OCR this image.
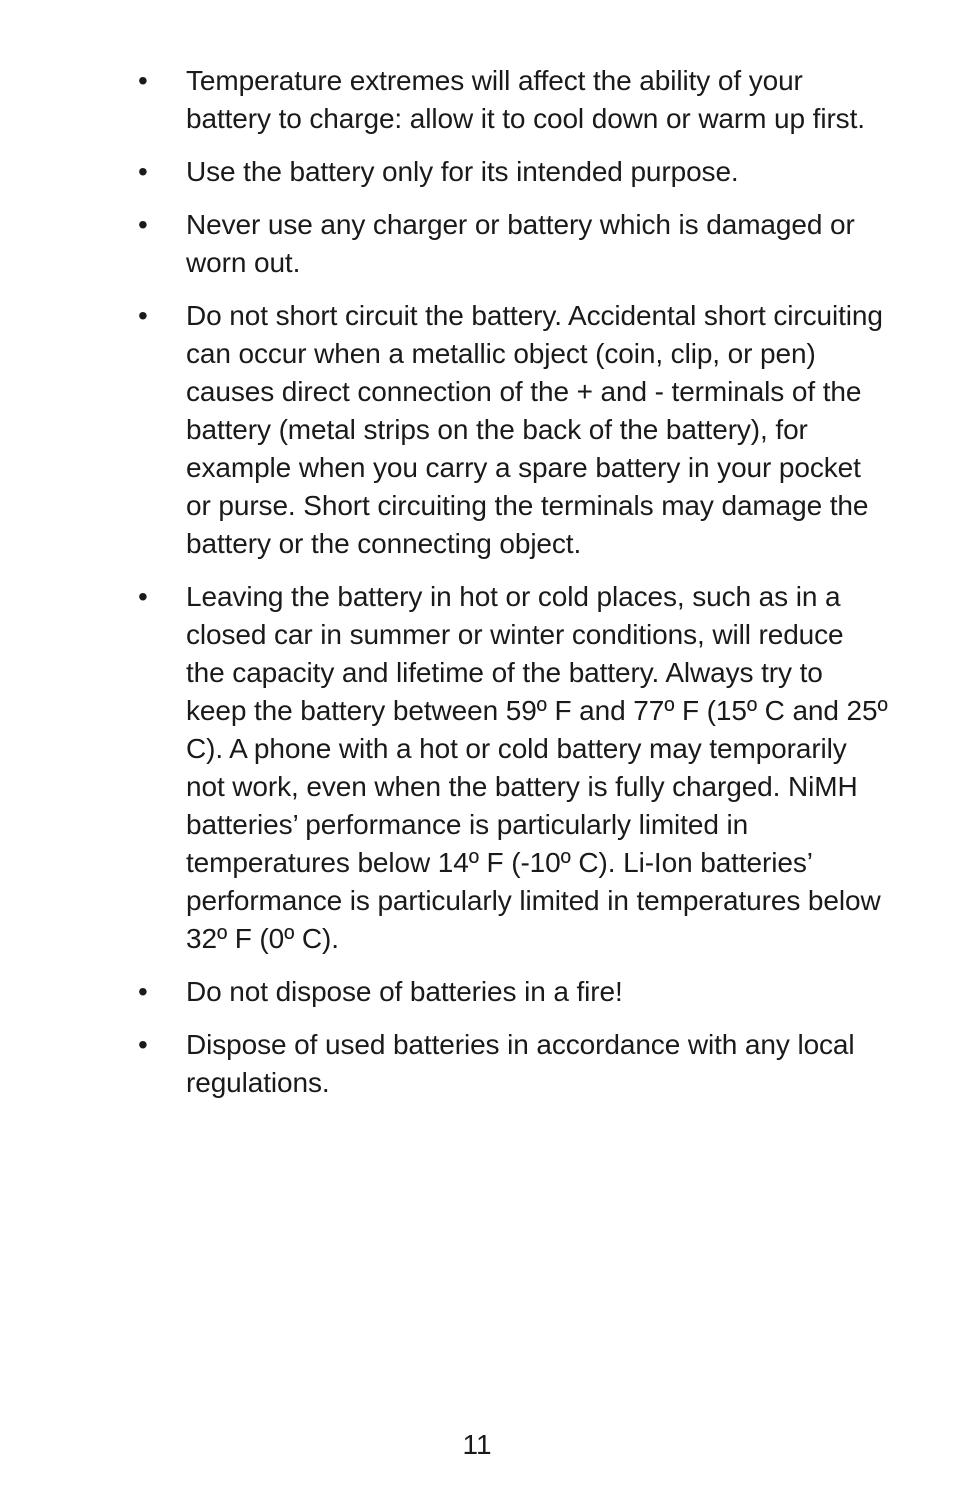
•	Temperature extremes will affect the ability of your battery to charge: allow it to cool down or warm up first.
•	Use the battery only for its intended purpose.
•	Never use any charger or battery which is damaged or worn out.
•	Do not short circuit the battery. Accidental short circuiting can occur when a metallic object (coin, clip, or pen) causes direct connection of the + and - terminals of the battery (metal strips on the back of the battery), for example when you carry a spare battery in your pocket or purse. Short circuiting the terminals may damage the battery or the connecting object.
•	Leaving the battery in hot or cold places, such as in a closed car in summer or winter conditions, will reduce the capacity and lifetime of the battery. Always try to keep the battery between 59º F and 77º F (15º C and 25º C). A phone with a hot or cold battery may temporarily not work, even when the battery is fully charged. NiMH batteries’ performance is particularly limited in temperatures below 14º F (-10º C). Li-Ion batteries’ performance is particularly limited in temperatures below 32º F (0º C).
•	Do not dispose of batteries in a fire!
•	Dispose of used batteries in accordance with any local regulations.
11
